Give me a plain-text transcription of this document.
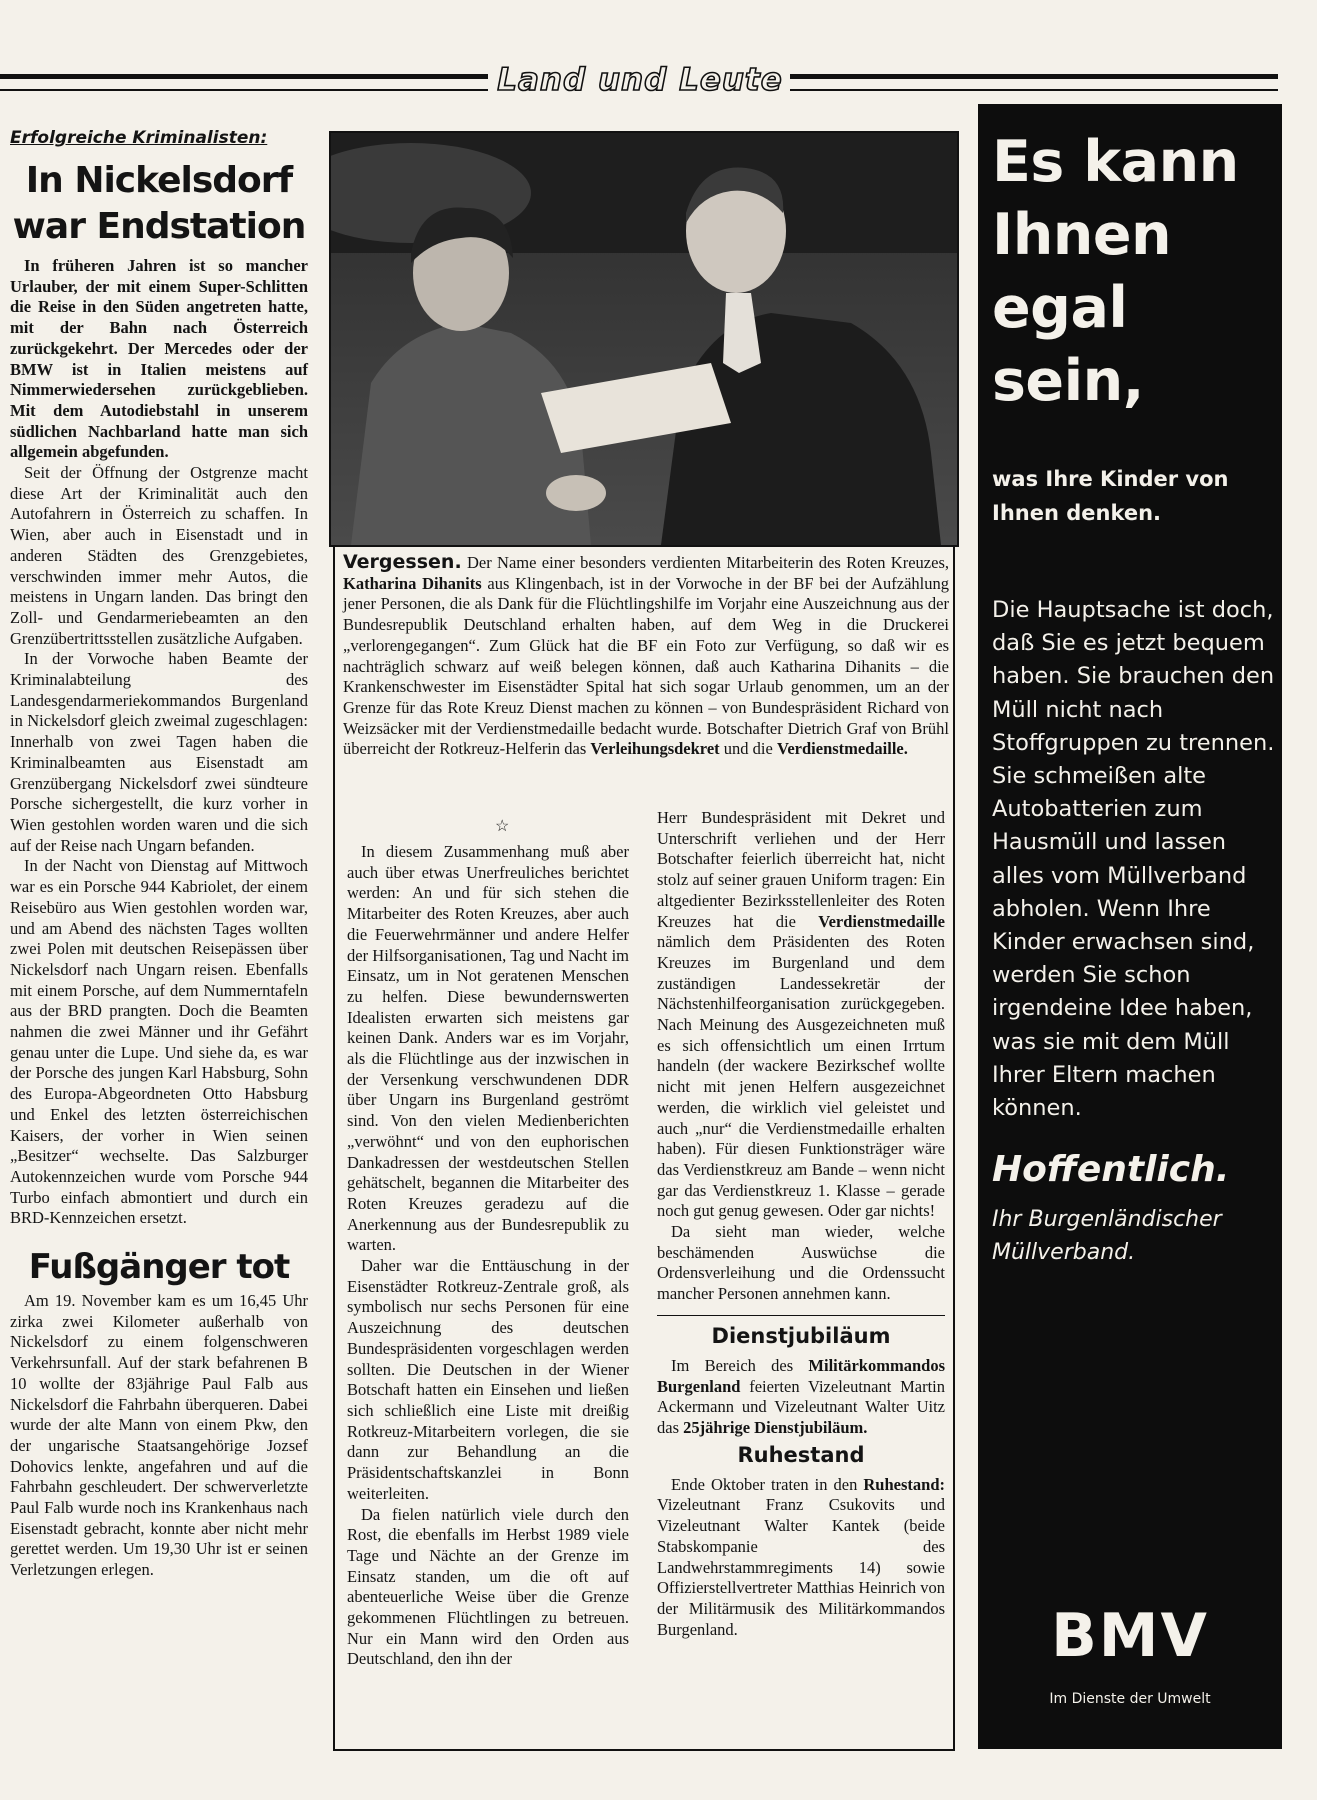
Land und Leute

Erfolgreiche Kriminalisten:

In Nickelsdorf war Endstation

In früheren Jahren ist so mancher Urlauber, der mit einem Super-Schlitten die Reise in den Süden angetreten hatte, mit der Bahn nach Österreich zurückgekehrt. Der Mercedes oder der BMW ist in Italien meistens auf Nimmerwiedersehen zurückgeblieben. Mit dem Autodiebstahl in unserem südlichen Nachbarland hatte man sich allgemein abgefunden.

Seit der Öffnung der Ostgrenze macht diese Art der Kriminalität auch den Autofahrern in Österreich zu schaffen. In Wien, aber auch in Eisenstadt und in anderen Städten des Grenzgebietes, verschwinden immer mehr Autos, die meistens in Ungarn landen. Das bringt den Zoll- und Gendarmeriebeamten an den Grenzübertrittsstellen zusätzliche Aufgaben.

In der Vorwoche haben Beamte der Kriminalabteilung des Landesgendarmeriekommandos Burgenland in Nickelsdorf gleich zweimal zugeschlagen: Innerhalb von zwei Tagen haben die Kriminalbeamten aus Eisenstadt am Grenzübergang Nickelsdorf zwei sündteure Porsche sichergestellt, die kurz vorher in Wien gestohlen worden waren und die sich auf der Reise nach Ungarn befanden.

In der Nacht von Dienstag auf Mittwoch war es ein Porsche 944 Kabriolet, der einem Reisebüro aus Wien gestohlen worden war, und am Abend des nächsten Tages wollten zwei Polen mit deutschen Reisepässen über Nickelsdorf nach Ungarn reisen. Ebenfalls mit einem Porsche, auf dem Nummerntafeln aus der BRD prangten. Doch die Beamten nahmen die zwei Männer und ihr Gefährt genau unter die Lupe. Und siehe da, es war der Porsche des jungen Karl Habsburg, Sohn des Europa-Abgeordneten Otto Habsburg und Enkel des letzten österreichischen Kaisers, der vorher in Wien seinen „Besitzer“ wechselte. Das Salzburger Autokennzeichen wurde vom Porsche 944 Turbo einfach abmontiert und durch ein BRD-Kennzeichen ersetzt.

Fußgänger tot

Am 19. November kam es um 16,45 Uhr zirka zwei Kilometer außerhalb von Nickelsdorf zu einem folgenschweren Verkehrsunfall. Auf der stark befahrenen B 10 wollte der 83jährige Paul Falb aus Nickelsdorf die Fahrbahn überqueren. Dabei wurde der alte Mann von einem Pkw, den der ungarische Staatsangehörige Jozsef Dohovics lenkte, angefahren und auf die Fahrbahn geschleudert. Der schwerverletzte Paul Falb wurde noch ins Krankenhaus nach Eisenstadt gebracht, konnte aber nicht mehr gerettet werden. Um 19,30 Uhr ist er seinen Verletzungen erlegen.

Vergessen. Der Name einer besonders verdienten Mitarbeiterin des Roten Kreuzes, Katharina Dihanits aus Klingenbach, ist in der Vorwoche in der BF bei der Aufzählung jener Personen, die als Dank für die Flüchtlingshilfe im Vorjahr eine Auszeichnung aus der Bundesrepublik Deutschland erhalten haben, auf dem Weg in die Druckerei „verlorengegangen“. Zum Glück hat die BF ein Foto zur Verfügung, so daß wir es nachträglich schwarz auf weiß belegen können, daß auch Katharina Dihanits – die Krankenschwester im Eisenstädter Spital hat sich sogar Urlaub genommen, um an der Grenze für das Rote Kreuz Dienst machen zu können – von Bundespräsident Richard von Weizsäcker mit der Verdienstmedaille bedacht wurde. Botschafter Dietrich Graf von Brühl überreicht der Rotkreuz-Helferin das Verleihungsdekret und die Verdienstmedaille.

☆

In diesem Zusammenhang muß aber auch über etwas Unerfreuliches berichtet werden: An und für sich stehen die Mitarbeiter des Roten Kreuzes, aber auch die Feuerwehrmänner und andere Helfer der Hilfsorganisationen, Tag und Nacht im Einsatz, um in Not geratenen Menschen zu helfen. Diese bewundernswerten Idealisten erwarten sich meistens gar keinen Dank. Anders war es im Vorjahr, als die Flüchtlinge aus der inzwischen in der Versenkung verschwundenen DDR über Ungarn ins Burgenland geströmt sind. Von den vielen Medienberichten „verwöhnt“ und von den euphorischen Dankadressen der westdeutschen Stellen gehätschelt, begannen die Mitarbeiter des Roten Kreuzes geradezu auf die Anerkennung aus der Bundesrepublik zu warten.

Daher war die Enttäuschung in der Eisenstädter Rotkreuz-Zentrale groß, als symbolisch nur sechs Personen für eine Auszeichnung des deutschen Bundespräsidenten vorgeschlagen werden sollten. Die Deutschen in der Wiener Botschaft hatten ein Einsehen und ließen sich schließlich eine Liste mit dreißig Rotkreuz-Mitarbeitern vorlegen, die sie dann zur Behandlung an die Präsidentschaftskanzlei in Bonn weiterleiten.

Da fielen natürlich viele durch den Rost, die ebenfalls im Herbst 1989 viele Tage und Nächte an der Grenze im Einsatz standen, um die oft auf abenteuerliche Weise über die Grenze gekommenen Flüchtlingen zu betreuen. Nur ein Mann wird den Orden aus Deutschland, den ihn der

Herr Bundespräsident mit Dekret und Unterschrift verliehen und der Herr Botschafter feierlich überreicht hat, nicht stolz auf seiner grauen Uniform tragen: Ein altgedienter Bezirksstellenleiter des Roten Kreuzes hat die Verdienstmedaille nämlich dem Präsidenten des Roten Kreuzes im Burgenland und dem zuständigen Landessekretär der Nächstenhilfeorganisation zurückgegeben. Nach Meinung des Ausgezeichneten muß es sich offensichtlich um einen Irrtum handeln (der wackere Bezirkschef wollte nicht mit jenen Helfern ausgezeichnet werden, die wirklich viel geleistet und auch „nur“ die Verdienstmedaille erhalten haben). Für diesen Funktionsträger wäre das Verdienstkreuz am Bande – wenn nicht gar das Verdienstkreuz 1. Klasse – gerade noch gut genug gewesen. Oder gar nichts!

Da sieht man wieder, welche beschämenden Auswüchse die Ordensverleihung und die Ordenssucht mancher Personen annehmen kann.

Dienstjubiläum

Im Bereich des Militärkommandos Burgenland feierten Vizeleutnant Martin Ackermann und Vizeleutnant Walter Uitz das 25jährige Dienstjubiläum.

Ruhestand

Ende Oktober traten in den Ruhestand: Vizeleutnant Franz Csukovits und Vizeleutnant Walter Kantek (beide Stabskompanie des Landwehrstammregiments 14) sowie Offizierstellvertreter Matthias Heinrich von der Militärmusik des Militärkommandos Burgenland.

Es kann Ihnen egal sein,
was Ihre Kinder von Ihnen denken.
Die Hauptsache ist doch, daß Sie es jetzt bequem haben. Sie brauchen den Müll nicht nach Stoffgruppen zu trennen. Sie schmeißen alte Autobatterien zum Hausmüll und lassen alles vom Müllverband abholen. Wenn Ihre Kinder erwachsen sind, werden Sie schon irgendeine Idee haben, was sie mit dem Müll Ihrer Eltern machen können.
Hoffentlich.
Ihr Burgenländischer Müllverband.
BMV
Im Dienste der Umwelt
